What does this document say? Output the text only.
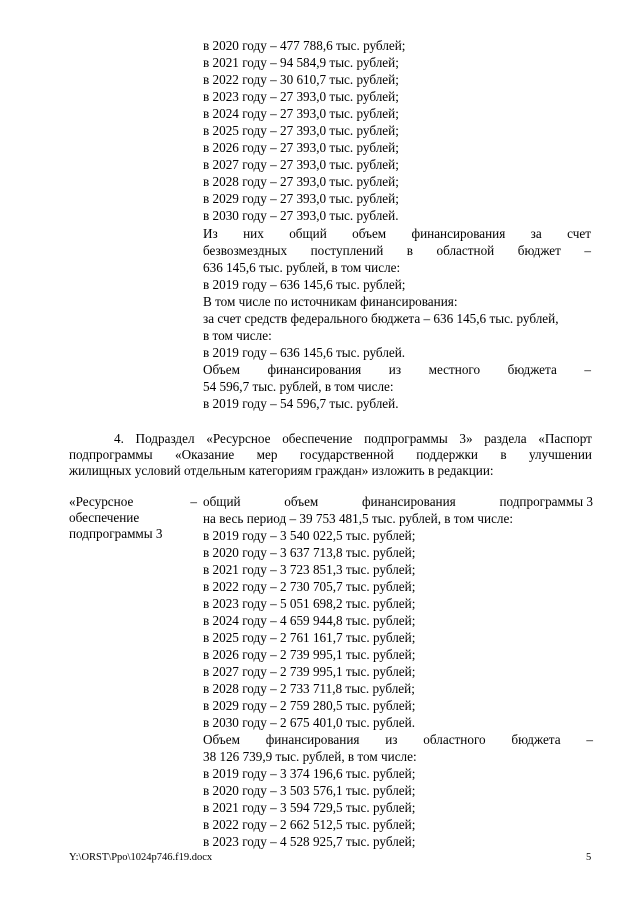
в 2020 году – 477 788,6 тыс. рублей;
в 2021 году – 94 584,9 тыс. рублей;
в 2022 году – 30 610,7 тыс. рублей;
в 2023 году – 27 393,0 тыс. рублей;
в 2024 году – 27 393,0 тыс. рублей;
в 2025 году – 27 393,0 тыс. рублей;
в 2026 году – 27 393,0 тыс. рублей;
в 2027 году – 27 393,0 тыс. рублей;
в 2028 году – 27 393,0 тыс. рублей;
в 2029 году – 27 393,0 тыс. рублей;
в 2030 году – 27 393,0 тыс. рублей.
Из них общий объем финансирования за счет
безвозмездных поступлений в областной бюджет –
636 145,6 тыс. рублей, в том числе:
в 2019 году – 636 145,6 тыс. рублей;
В том числе по источникам финансирования:
за счет средств федерального бюджета – 636 145,6 тыс. рублей,
в том числе:
в 2019 году – 636 145,6 тыс. рублей.
Объем финансирования из местного бюджета –
54 596,7 тыс. рублей, в том числе:
в 2019 году – 54 596,7 тыс. рублей.
4. Подраздел «Ресурсное обеспечение подпрограммы 3» раздела «Паспорт
подпрограммы «Оказание мер государственной поддержки в улучшении
жилищных условий отдельным категориям граждан» изложить в редакции:
«Ресурсное	–
обеспечение
подпрограммы 3
общий	объем	финансирования	подпрограммы 3
на весь период – 39 753 481,5 тыс. рублей, в том числе:
в 2019 году – 3 540 022,5 тыс. рублей;
в 2020 году – 3 637 713,8 тыс. рублей;
в 2021 году – 3 723 851,3 тыс. рублей;
в 2022 году – 2 730 705,7 тыс. рублей;
в 2023 году – 5 051 698,2 тыс. рублей;
в 2024 году – 4 659 944,8 тыс. рублей;
в 2025 году – 2 761 161,7 тыс. рублей;
в 2026 году – 2 739 995,1 тыс. рублей;
в 2027 году – 2 739 995,1 тыс. рублей;
в 2028 году – 2 733 711,8 тыс. рублей;
в 2029 году – 2 759 280,5 тыс. рублей;
в 2030 году – 2 675 401,0 тыс. рублей.
Объем финансирования из областного бюджета –
38 126 739,9 тыс. рублей, в том числе:
в 2019 году – 3 374 196,6 тыс. рублей;
в 2020 году – 3 503 576,1 тыс. рублей;
в 2021 году – 3 594 729,5 тыс. рублей;
в 2022 году – 2 662 512,5 тыс. рублей;
в 2023 году – 4 528 925,7 тыс. рублей;
Y:\ORST\Ppo\1024p746.f19.docx	5
